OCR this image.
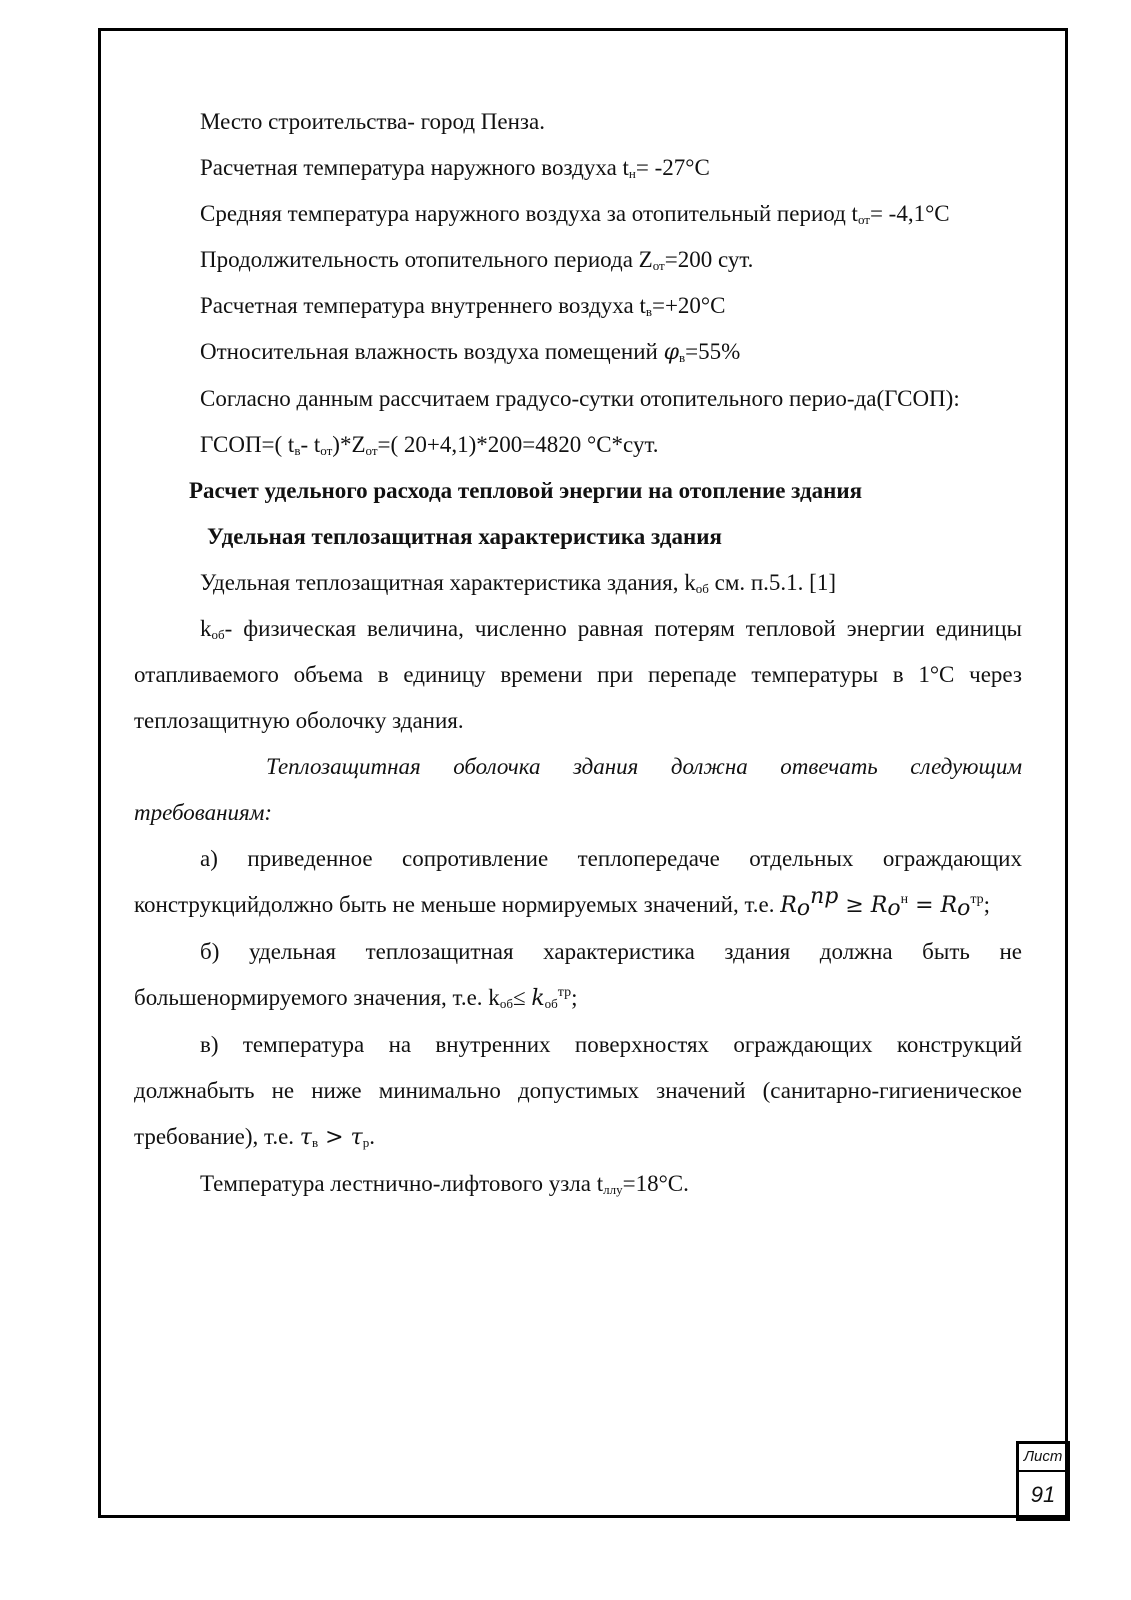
Место строительства- город Пенза.

Расчетная температура наружного воздуха $t_н= -27^\circ C$

Средняя температура наружного воздуха за отопительный период $t_{от}= -4,1^\circ C$

Продолжительность отопительного периода $Z_{от}=200$ сут.

Расчетная температура внутреннего воздуха $t_в=+20^\circ C$

Относительная влажность воздуха помещений $\varphi_в=55\%$

Согласно данным рассчитаем градусо-сутки отопительного перио-да(ГСОП):

ГСОП=( $t_в-$ $t_{от})*Z_{от}=$( 20+4,1)*200=4820 °C*сут.

Расчет удельного расхода тепловой энергии на отопление здания

Удельная теплозащитная характеристика здания

Удельная теплозащитная характеристика здания, $k_{об}$ см. п.5.1. [1]

$k_{об}-$ физическая величина, численно равная потерям тепловой энергии единицы отапливаемого объема в единицу времени при перепаде температуры в 1°C через теплозащитную оболочку здания.

Теплозащитная оболочка здания должна отвечать следующим требованиям:

а) приведенное сопротивление теплопередаче отдельных ограждающих конструкцийдолжно быть не меньше нормируемых значений, т.е. $R_o^{пр} \ge R_o^н = R_o^{тр}$;

б) удельная теплозащитная характеристика здания должна быть не большенормируемого значения, т.е. $k_{об}\le k_{об}^{тр}$;

в) температура на внутренних поверхностях ограждающих конструкций должнабыть не ниже минимально допустимых значений (санитарно-гигиеническое требование), т.е. $\tau_в > \tau_р$.

Температура лестнично-лифтового узла $t_{ллу}=18^\circ C$.

Лист
91
